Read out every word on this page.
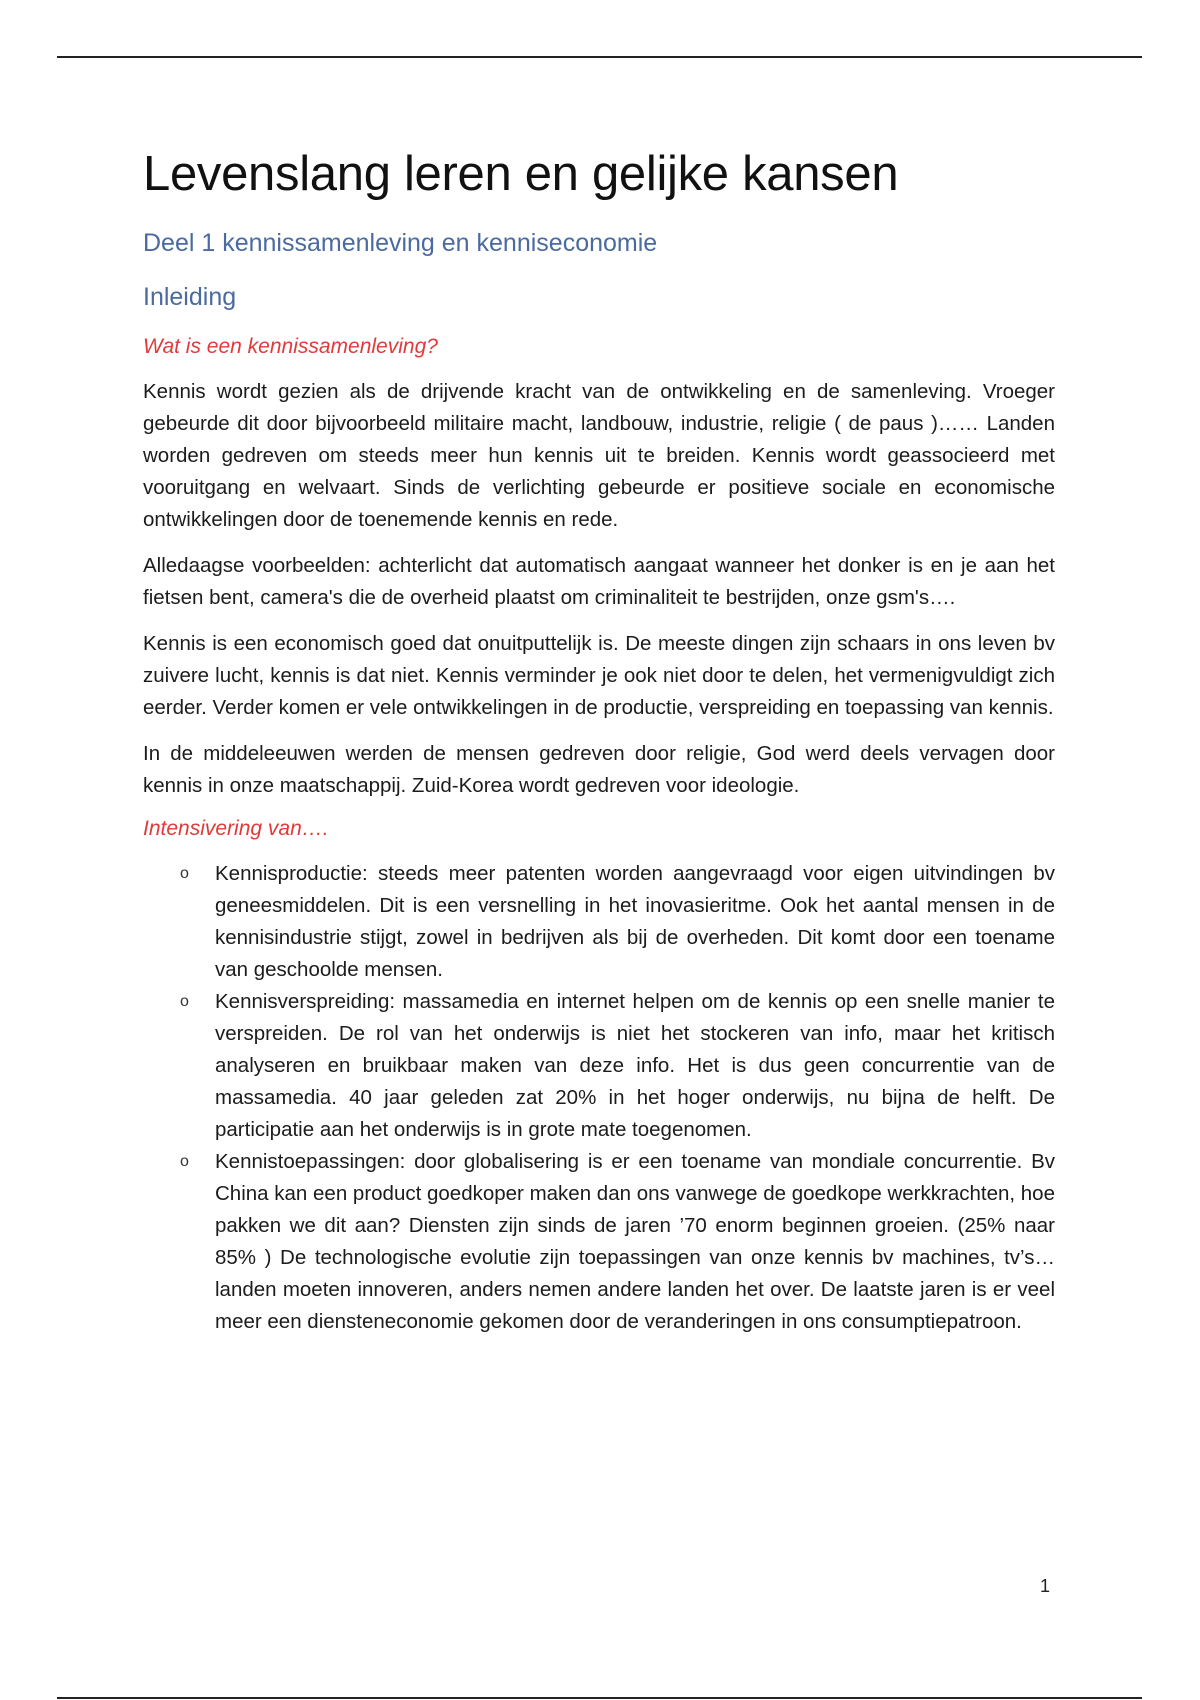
Levenslang leren en gelijke kansen
Deel 1 kennissamenleving en kenniseconomie
Inleiding
Wat is een kennissamenleving?

Kennis wordt gezien als de drijvende kracht van de ontwikkeling en de samenleving. Vroeger gebeurde dit door bijvoorbeeld militaire macht, landbouw, industrie, religie ( de paus )…… Landen worden gedreven om steeds meer hun kennis uit te breiden. Kennis wordt geassocieerd met vooruitgang en welvaart. Sinds de verlichting gebeurde er positieve sociale en economische ontwikkelingen door de toenemende kennis en rede.

Alledaagse voorbeelden: achterlicht dat automatisch aangaat wanneer het donker is en je aan het fietsen bent, camera's die de overheid plaatst om criminaliteit te bestrijden, onze gsm's….

Kennis is een economisch goed dat onuitputtelijk is. De meeste dingen zijn schaars in ons leven bv zuivere lucht, kennis is dat niet. Kennis verminder je ook niet door te delen, het vermenigvuldigt zich eerder. Verder komen er vele ontwikkelingen in de productie, verspreiding en toepassing van kennis.

In de middeleeuwen werden de mensen gedreven door religie, God werd deels vervagen door kennis in onze maatschappij. Zuid-Korea wordt gedreven voor ideologie.

Intensivering van….
o Kennisproductie: steeds meer patenten worden aangevraagd voor eigen uitvindingen bv geneesmiddelen. Dit is een versnelling in het inovasieritme. Ook het aantal mensen in de kennisindustrie stijgt, zowel in bedrijven als bij de overheden. Dit komt door een toename van geschoolde mensen.
o Kennisverspreiding: massamedia en internet helpen om de kennis op een snelle manier te verspreiden. De rol van het onderwijs is niet het stockeren van info, maar het kritisch analyseren en bruikbaar maken van deze info. Het is dus geen concurrentie van de massamedia. 40 jaar geleden zat 20% in het hoger onderwijs, nu bijna de helft. De participatie aan het onderwijs is in grote mate toegenomen.
o Kennistoepassingen: door globalisering is er een toename van mondiale concurrentie. Bv China kan een product goedkoper maken dan ons vanwege de goedkope werkkrachten, hoe pakken we dit aan? Diensten zijn sinds de jaren ’70 enorm beginnen groeien. (25% naar 85% ) De technologische evolutie zijn toepassingen van onze kennis bv machines, tv’s… landen moeten innoveren, anders nemen andere landen het over. De laatste jaren is er veel meer een diensteneconomie gekomen door de veranderingen in ons consumptiepatroon.
1
